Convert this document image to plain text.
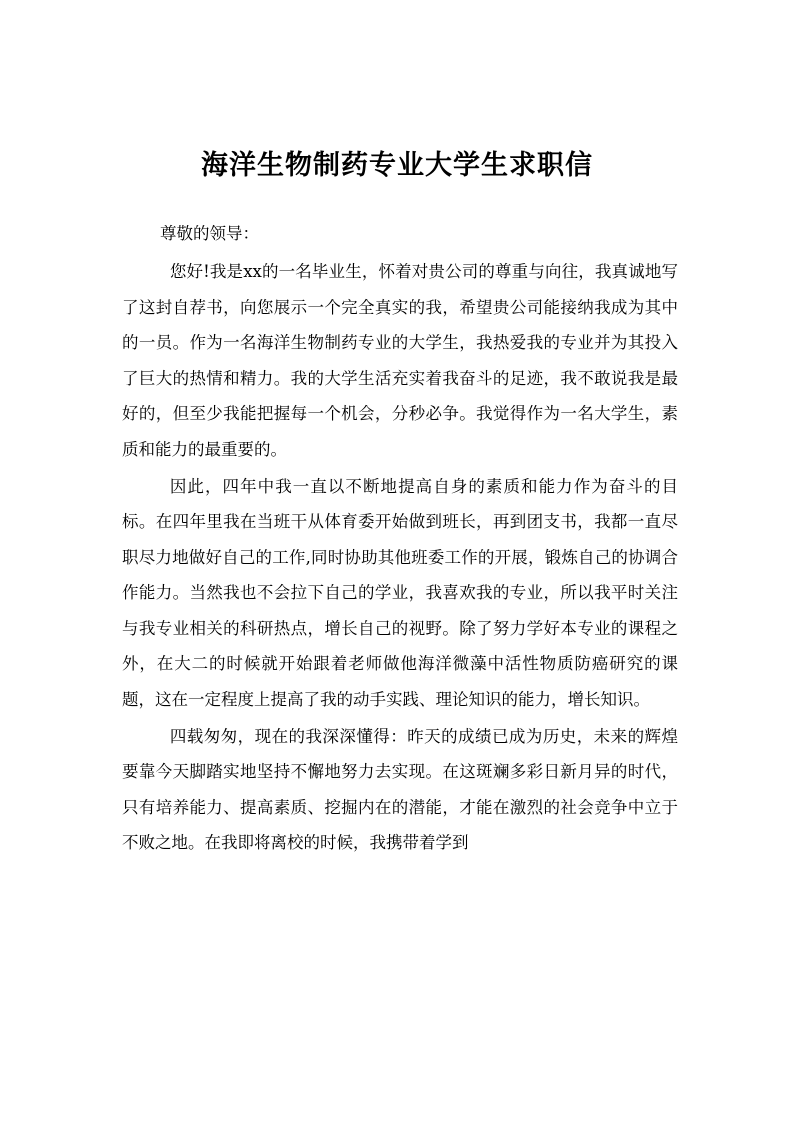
海洋生物制药专业大学生求职信
尊敬的领导：

您好!我是xx的一名毕业生，怀着对贵公司的尊重与向往，我真诚地写了这封自荐书，向您展示一个完全真实的我，希望贵公司能接纳我成为其中的一员。作为一名海洋生物制药专业的大学生，我热爱我的专业并为其投入了巨大的热情和精力。我的大学生活充实着我奋斗的足迹，我不敢说我是最好的，但至少我能把握每一个机会，分秒必争。我觉得作为一名大学生，素质和能力的最重要的。

因此，四年中我一直以不断地提高自身的素质和能力作为奋斗的目标。在四年里我在当班干从体育委开始做到班长，再到团支书，我都一直尽职尽力地做好自己的工作,同时协助其他班委工作的开展，锻炼自己的协调合作能力。当然我也不会拉下自己的学业，我喜欢我的专业，所以我平时关注与我专业相关的科研热点，增长自己的视野。除了努力学好本专业的课程之外，在大二的时候就开始跟着老师做他海洋微藻中活性物质防癌研究的课题，这在一定程度上提高了我的动手实践、理论知识的能力，增长知识。

四载匆匆，现在的我深深懂得：昨天的成绩已成为历史，未来的辉煌要靠今天脚踏实地坚持不懈地努力去实现。在这斑斓多彩日新月异的时代，只有培养能力、提高素质、挖掘内在的潜能，才能在激烈的社会竞争中立于不败之地。在我即将离校的时候，我携带着学到
